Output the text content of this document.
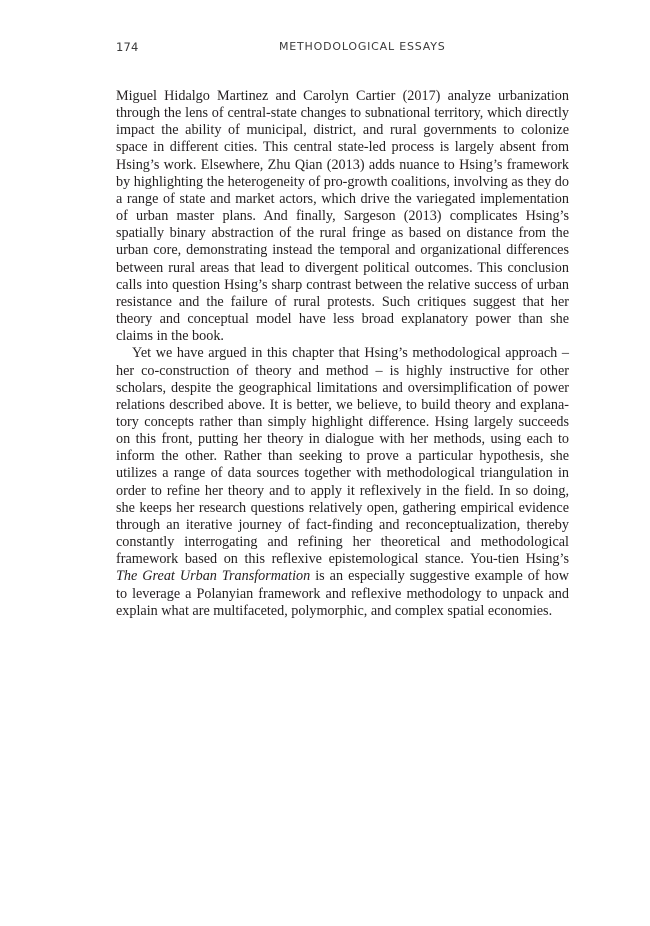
174	METHODOLOGICAL ESSAYS

Miguel Hidalgo Martinez and Carolyn Cartier (2017) analyze urbanization through the lens of central-state changes to subnational territory, which directly impact the ability of municipal, district, and rural governments to colonize space in different cities. This central state-led process is largely absent from Hsing’s work. Elsewhere, Zhu Qian (2013) adds nuance to Hsing’s framework by highlighting the heterogeneity of pro-growth coalitions, involving as they do a range of state and market actors, which drive the variegated implementation of urban master plans. And finally, Sargeson (2013) complicates Hsing’s spatially binary abstraction of the rural fringe as based on distance from the urban core, demonstrating instead the temporal and organizational differences between rural areas that lead to divergent political outcomes. This conclusion calls into question Hsing’s sharp contrast between the relative success of urban resistance and the failure of rural protests. Such critiques suggest that her theory and conceptual model have less broad explanatory power than she claims in the book.

Yet we have argued in this chapter that Hsing’s methodological approach – her co-construction of theory and method – is highly instructive for other scholars, despite the geographical limitations and oversimplification of power relations described above. It is better, we believe, to build theory and explanatory concepts rather than simply highlight difference. Hsing largely succeeds on this front, putting her theory in dialogue with her methods, using each to inform the other. Rather than seeking to prove a particular hypothesis, she utilizes a range of data sources together with methodological triangulation in order to refine her theory and to apply it reflexively in the field. In so doing, she keeps her research questions relatively open, gathering empirical evidence through an iterative journey of fact-finding and reconceptualization, thereby constantly interrogating and refining her theoretical and methodological framework based on this reflexive epistemological stance. You-tien Hsing’s The Great Urban Transformation is an especially suggestive example of how to leverage a Polanyian framework and reflexive methodology to unpack and explain what are multifaceted, polymorphic, and complex spatial economies.
